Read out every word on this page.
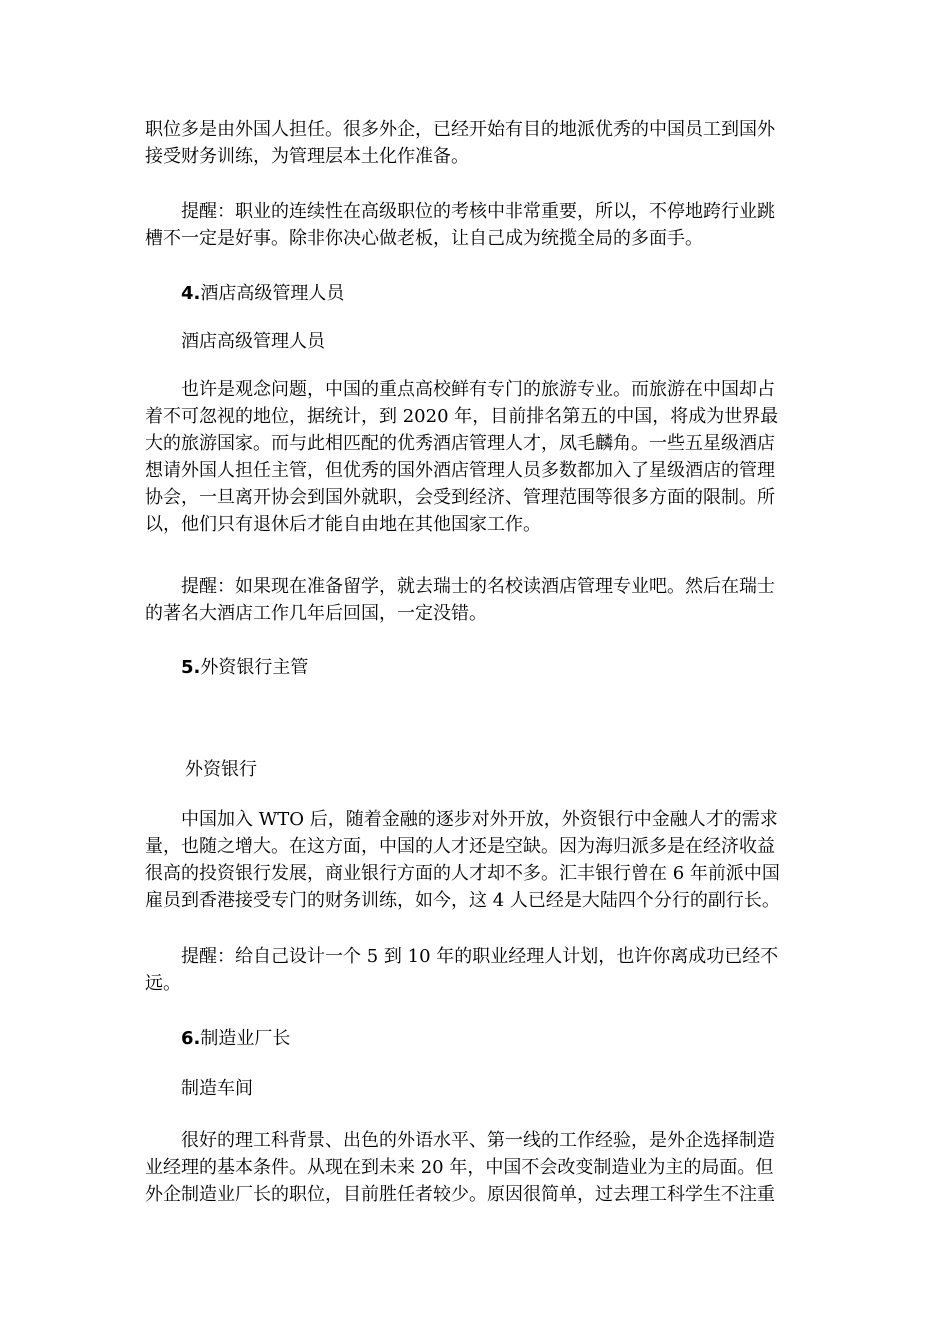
职位多是由外国人担任。很多外企，已经开始有目的地派优秀的中国员工到国外
接受财务训练，为管理层本土化作准备。

提醒：职业的连续性在高级职位的考核中非常重要，所以，不停地跨行业跳
槽不一定是好事。除非你决心做老板，让自己成为统揽全局的多面手。

4.酒店高级管理人员

酒店高级管理人员

也许是观念问题，中国的重点高校鲜有专门的旅游专业。而旅游在中国却占
着不可忽视的地位，据统计，到 2020 年，目前排名第五的中国，将成为世界最
大的旅游国家。而与此相匹配的优秀酒店管理人才，凤毛麟角。一些五星级酒店
想请外国人担任主管，但优秀的国外酒店管理人员多数都加入了星级酒店的管理
协会，一旦离开协会到国外就职，会受到经济、管理范围等很多方面的限制。所
以，他们只有退休后才能自由地在其他国家工作。

提醒：如果现在准备留学，就去瑞士的名校读酒店管理专业吧。然后在瑞士
的著名大酒店工作几年后回国，一定没错。

5.外资银行主管

外资银行

中国加入 WTO 后，随着金融的逐步对外开放，外资银行中金融人才的需求
量，也随之增大。在这方面，中国的人才还是空缺。因为海归派多是在经济收益
很高的投资银行发展，商业银行方面的人才却不多。汇丰银行曾在 6 年前派中国
雇员到香港接受专门的财务训练，如今，这 4 人已经是大陆四个分行的副行长。

提醒：给自己设计一个 5 到 10 年的职业经理人计划，也许你离成功已经不
远。

6.制造业厂长

制造车间

很好的理工科背景、出色的外语水平、第一线的工作经验，是外企选择制造
业经理的基本条件。从现在到未来 20 年，中国不会改变制造业为主的局面。但
外企制造业厂长的职位，目前胜任者较少。原因很简单，过去理工科学生不注重
